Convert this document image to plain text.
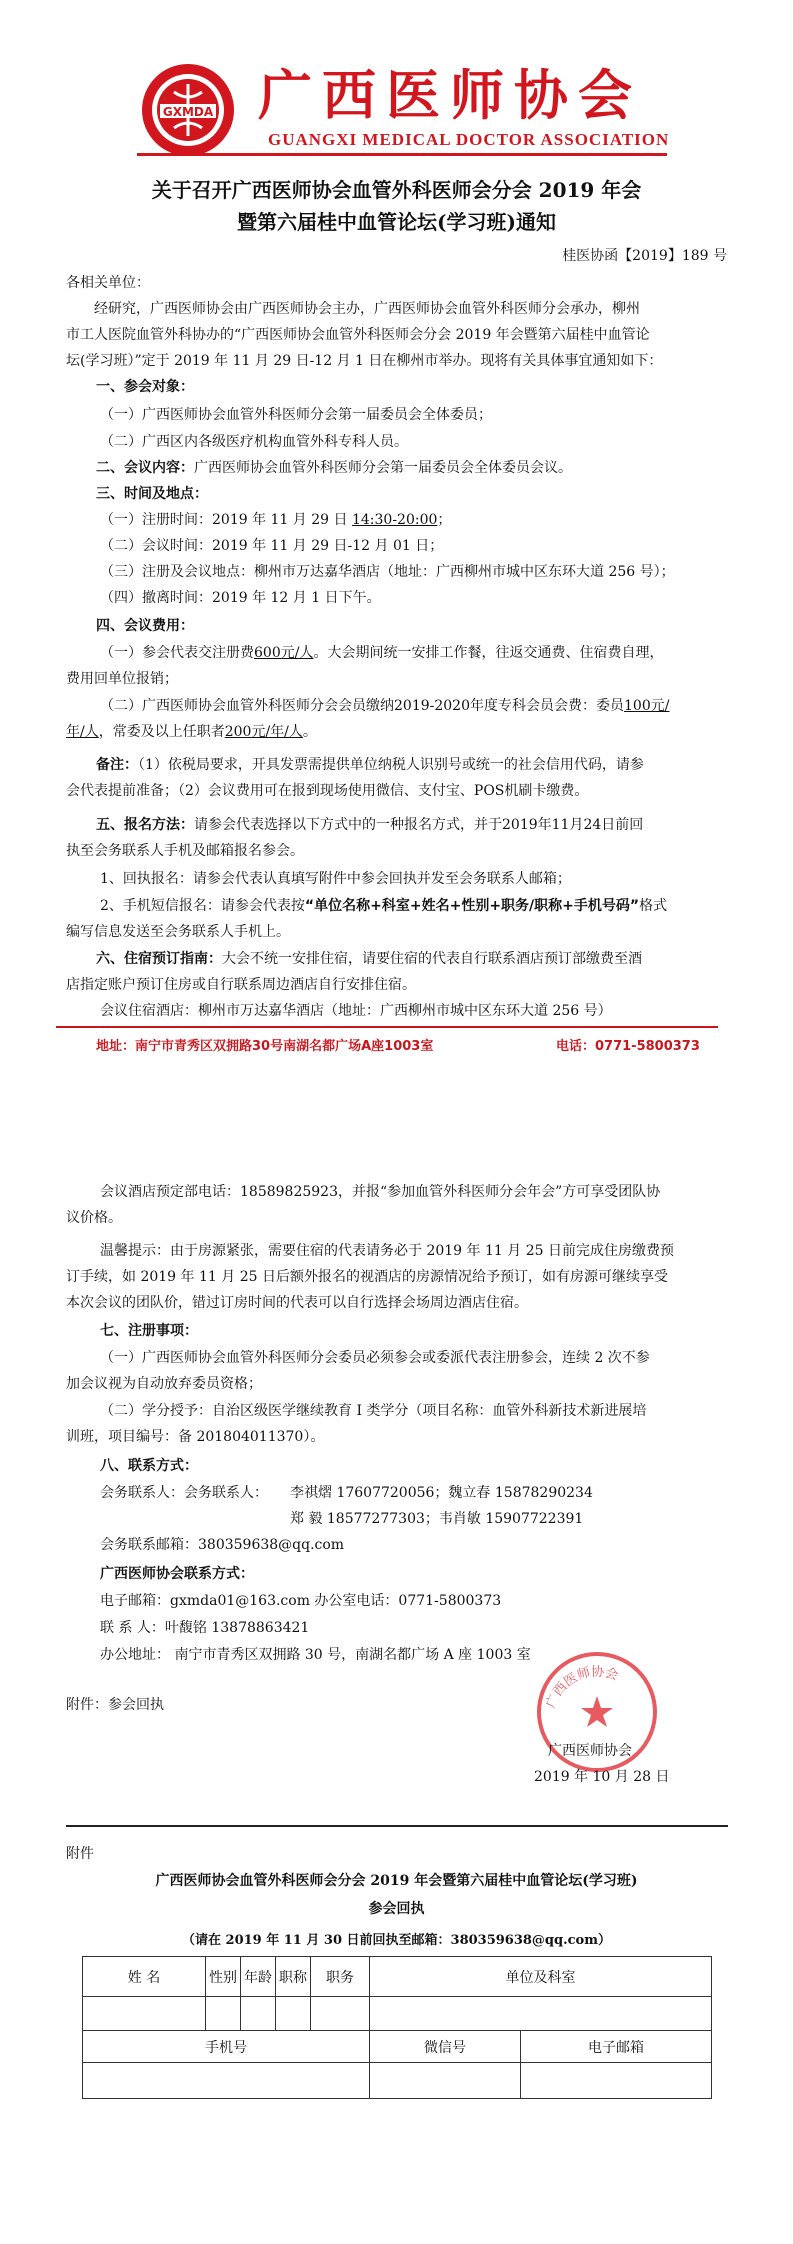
GXMDA 广西医师协会
GUANGXI MEDICAL DOCTOR ASSOCIATION
关于召开广西医师协会血管外科医师会分会 2019 年会
暨第六届桂中血管论坛(学习班)通知
桂医协函【2019】189 号
各相关单位：
经研究，广西医师协会由广西医师协会主办，广西医师协会血管外科医师分会承办，柳州
市工人医院血管外科协办的“广西医师协会血管外科医师会分会 2019 年会暨第六届桂中血管论
坛(学习班）”定于 2019 年 11 月 29 日-12 月 1 日在柳州市举办。现将有关具体事宜通知如下：
一、参会对象：
（一）广西医师协会血管外科医师分会第一届委员会全体委员；
（二）广西区内各级医疗机构血管外科专科人员。
二、会议内容：广西医师协会血管外科医师分会第一届委员会全体委员会议。
三、时间及地点：
（一）注册时间：2019 年 11 月 29 日 14:30-20:00；
（二）会议时间：2019 年 11 月 29 日-12 月 01 日；
（三）注册及会议地点：柳州市万达嘉华酒店（地址：广西柳州市城中区东环大道 256 号）；
（四）撤离时间：2019 年 12 月 1 日下午。
四、会议费用：
（一）参会代表交注册费600元/人。大会期间统一安排工作餐，往返交通费、住宿费自理，
费用回单位报销；
（二）广西医师协会血管外科医师分会会员缴纳2019-2020年度专科会员会费：委员100元/
年/人，常委及以上任职者200元/年/人。
备注：（1）依税局要求，开具发票需提供单位纳税人识别号或统一的社会信用代码，请参
会代表提前准备；（2）会议费用可在报到现场使用微信、支付宝、POS机刷卡缴费。
五、报名方法：请参会代表选择以下方式中的一种报名方式，并于2019年11月24日前回
执至会务联系人手机及邮箱报名参会。
1、回执报名：请参会代表认真填写附件中参会回执并发至会务联系人邮箱；
2、手机短信报名：请参会代表按“单位名称+科室+姓名+性别+职务/职称+手机号码”格式
编写信息发送至会务联系人手机上。
六、住宿预订指南：大会不统一安排住宿，请要住宿的代表自行联系酒店预订部缴费至酒
店指定账户预订住房或自行联系周边酒店自行安排住宿。
会议住宿酒店：柳州市万达嘉华酒店（地址：广西柳州市城中区东环大道 256 号）
地址：南宁市青秀区双拥路30号南湖名都广场A座1003室	电话：0771-5800373
会议酒店预定部电话：18589825923，并报“参加血管外科医师分会年会”方可享受团队协
议价格。
温馨提示：由于房源紧张，需要住宿的代表请务必于 2019 年 11 月 25 日前完成住房缴费预
订手续，如 2019 年 11 月 25 日后额外报名的视酒店的房源情况给予预订，如有房源可继续享受
本次会议的团队价，错过订房时间的代表可以自行选择会场周边酒店住宿。
七、注册事项：
（一）广西医师协会血管外科医师分会委员必须参会或委派代表注册参会，连续 2 次不参
加会议视为自动放弃委员资格；
（二）学分授予：自治区级医学继续教育 I 类学分（项目名称：血管外科新技术新进展培
训班，项目编号：备 201804011370）。
八、联系方式：
会务联系人：会务联系人： 李祺熠 17607720056；魏立春 15878290234
郑 毅 18577277303；韦肖敏 15907722391
会务联系邮箱：380359638@qq.com
广西医师协会联系方式：
电子邮箱：gxmda01@163.com 办公室电话：0771-5800373
联 系 人：叶馥铭 13878863421
办公地址： 南宁市青秀区双拥路 30 号，南湖名都广场 A 座 1003 室
附件：参会回执	广西医师协会
广西医师协会
2019 年 10 月 28 日
附件
广西医师协会血管外科医师会分会 2019 年会暨第六届桂中血管论坛(学习班)
参会回执
（请在 2019 年 11 月 30 日前回执至邮箱：380359638@qq.com）
姓 名	性别	年龄	职称	职务	单位及科室	

手机号					微信号	电子邮箱
